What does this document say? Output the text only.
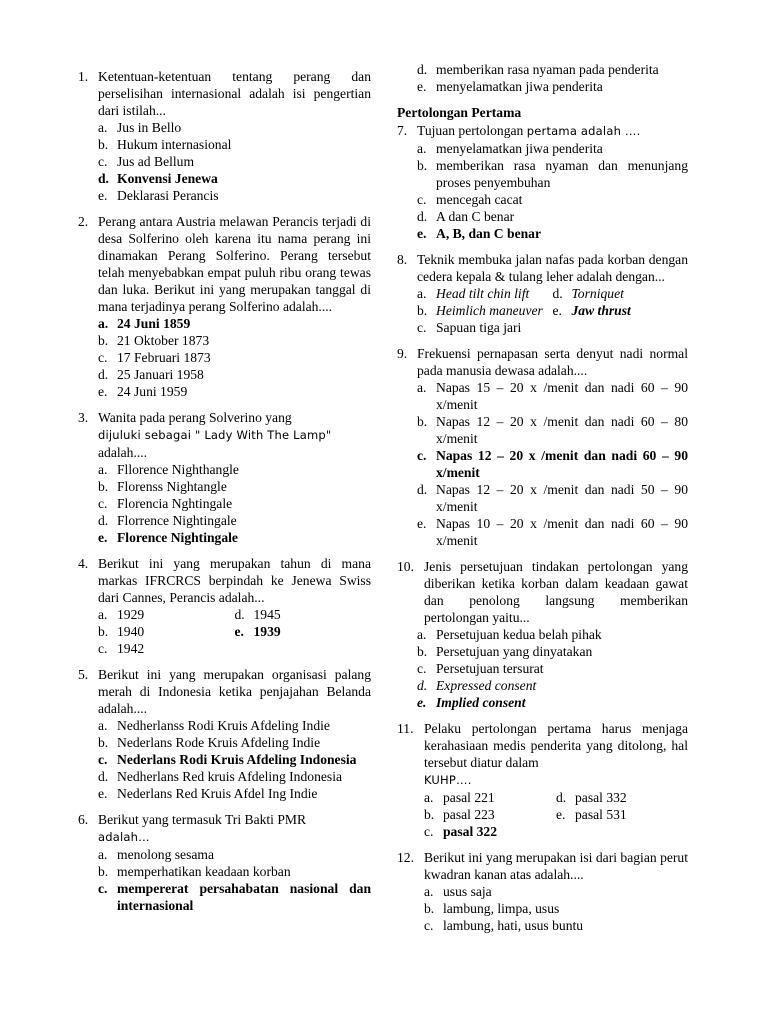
1. Ketentuan-ketentuan tentang perang dan perselisihan internasional adalah isi pengertian dari istilah...
a. Jus in Bello
b. Hukum internasional
c. Jus ad Bellum
d. Konvensi Jenewa
e. Deklarasi Perancis
2. Perang antara Austria melawan Perancis terjadi di desa Solferino oleh karena itu nama perang ini dinamakan Perang Solferino. Perang tersebut telah menyebabkan empat puluh ribu orang tewas dan luka. Berikut ini yang merupakan tanggal di mana terjadinya perang Solferino adalah....
a. 24 Juni 1859
b. 21 Oktober 1873
c. 17 Februari 1873
d. 25 Januari 1958
e. 24 Juni 1959
3. Wanita pada perang Solverino yang
dijuluki sebagai " Lady With The Lamp"
adalah....
a. Fllorence Nighthangle
b. Florenss Nightangle
c. Florencia Nghtingale
d. Florrence Nightingale
e. Florence Nightingale
4. Berikut ini yang merupakan tahun di mana markas IFRCRCS berpindah ke Jenewa Swiss dari Cannes, Perancis adalah...
a. 1929	d. 1945
b. 1940	e. 1939
c. 1942
5. Berikut ini yang merupakan organisasi palang merah di Indonesia ketika penjajahan Belanda adalah....
a. Nedherlanss Rodi Kruis Afdeling Indie
b. Nederlans Rode Kruis Afdeling Indie
c. Nederlans Rodi Kruis Afdeling Indonesia
d. Nedherlans Red kruis Afdeling Indonesia
e. Nederlans Red Kruis Afdel Ing Indie
6. Berikut yang termasuk Tri Bakti PMR
adalah…
a. menolong sesama
b. memperhatikan keadaan korban
c. mempererat persahabatan nasional dan internasional
d. memberikan rasa nyaman pada penderita
e. menyelamatkan jiwa penderita
Pertolongan Pertama
7. Tujuan pertolongan pertama adalah ….
a. menyelamatkan jiwa penderita
b. memberikan rasa nyaman dan menunjang proses penyembuhan
c. mencegah cacat
d. A dan C benar
e. A, B, dan C benar
8. Teknik membuka jalan nafas pada korban dengan cedera kepala & tulang leher adalah dengan...
a. Head tilt chin lift	d. Torniquet
b. Heimlich maneuver e. Jaw thrust
c. Sapuan tiga jari
9. Frekuensi pernapasan serta denyut nadi normal pada manusia dewasa adalah....
a. Napas 15 – 20 x /menit dan nadi 60 – 90 x/menit
b. Napas 12 – 20 x /menit dan nadi 60 – 80 x/menit
c. Napas 12 – 20 x /menit dan nadi 60 – 90 x/menit
d. Napas 12 – 20 x /menit dan nadi 50 – 90 x/menit
e. Napas 10 – 20 x /menit dan nadi 60 – 90 x/menit
10. Jenis persetujuan tindakan pertolongan yang diberikan ketika korban dalam keadaan gawat dan penolong langsung memberikan pertolongan yaitu...
a. Persetujuan kedua belah pihak
b. Persetujuan yang dinyatakan
c. Persetujuan tersurat
d. Expressed consent
e. Implied consent
11. Pelaku pertolongan pertama harus menjaga kerahasiaan medis penderita yang ditolong, hal tersebut diatur dalam
KUHP….
a. pasal 221	d. pasal 332
b. pasal 223	e. pasal 531
c. pasal 322
12. Berikut ini yang merupakan isi dari bagian perut kwadran kanan atas adalah....
a. usus saja
b. lambung, limpa, usus
c. lambung, hati, usus buntu
